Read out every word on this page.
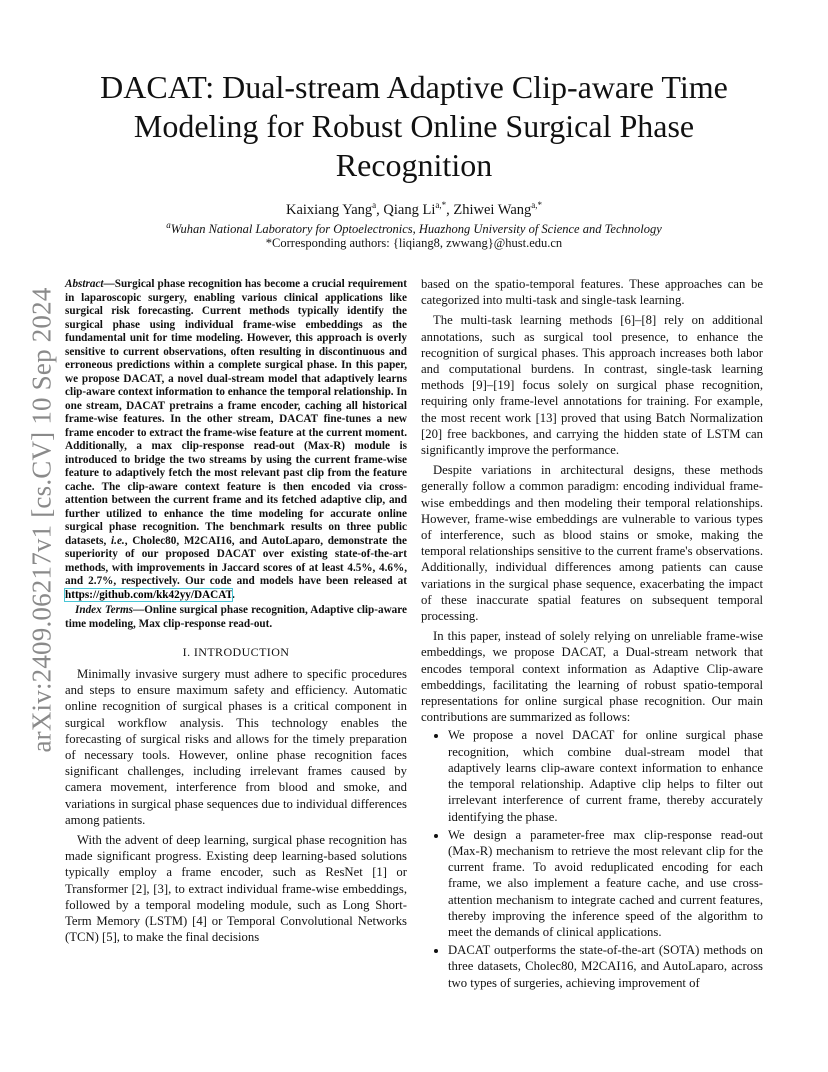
arXiv:2409.06217v1 [cs.CV] 10 Sep 2024
DACAT: Dual-stream Adaptive Clip-aware Time Modeling for Robust Online Surgical Phase Recognition
Kaixiang Yang$^a$, Qiang $Li^{a,*}$, Zhiwei Wang$^{a,*}$
$^a$Wuhan National Laboratory for Optoelectronics, Huazhong University of Science and Technology
*Corresponding authors: {liqiang8, zwwang}@hust.edu.cn

Abstract—Surgical phase recognition has become a crucial requirement in laparoscopic surgery, enabling various clinical applications like surgical risk forecasting. Current methods typically identify the surgical phase using individual frame-wise embeddings as the fundamental unit for time modeling. However, this approach is overly sensitive to current observations, often resulting in discontinuous and erroneous predictions within a complete surgical phase. In this paper, we propose DACAT, a novel dual-stream model that adaptively learns clip-aware context information to enhance the temporal relationship. In one stream, DACAT pretrains a frame encoder, caching all historical frame-wise features. In the other stream, DACAT fine-tunes a new frame encoder to extract the frame-wise feature at the current moment. Additionally, a max clip-response read-out (Max-R) module is introduced to bridge the two streams by using the current frame-wise feature to adaptively fetch the most relevant past clip from the feature cache. The clip-aware context feature is then encoded via cross-attention between the current frame and its fetched adaptive clip, and further utilized to enhance the time modeling for accurate online surgical phase recognition. The benchmark results on three public datasets, i.e., Cholec80, M2CAI16, and AutoLaparo, demonstrate the superiority of our proposed DACAT over existing state-of-the-art methods, with improvements in Jaccard scores of at least 4.5%, 4.6%, and 2.7%, respectively. Our code and models have been released at https://github.com/kk42yy/DACAT.

Index Terms—Online surgical phase recognition, Adaptive clip-aware time modeling, Max clip-response read-out.

I. INTRODUCTION

Minimally invasive surgery must adhere to specific procedures and steps to ensure maximum safety and efficiency. Automatic online recognition of surgical phases is a critical component in surgical workflow analysis. This technology enables the forecasting of surgical risks and allows for the timely preparation of necessary tools. However, online phase recognition faces significant challenges, including irrelevant frames caused by camera movement, interference from blood and smoke, and variations in surgical phase sequences due to individual differences among patients.

With the advent of deep learning, surgical phase recognition has made significant progress. Existing deep learning-based solutions typically employ a frame encoder, such as ResNet [1] or Transformer [2], [3], to extract individual frame-wise embeddings, followed by a temporal modeling module, such as Long Short-Term Memory (LSTM) [4] or Temporal Convolutional Networks (TCN) [5], to make the final decisions

based on the spatio-temporal features. These approaches can be categorized into multi-task and single-task learning.

The multi-task learning methods [6]–[8] rely on additional annotations, such as surgical tool presence, to enhance the recognition of surgical phases. This approach increases both labor and computational burdens. In contrast, single-task learning methods [9]–[19] focus solely on surgical phase recognition, requiring only frame-level annotations for training. For example, the most recent work [13] proved that using Batch Normalization [20] free backbones, and carrying the hidden state of LSTM can significantly improve the performance.

Despite variations in architectural designs, these methods generally follow a common paradigm: encoding individual frame-wise embeddings and then modeling their temporal relationships. However, frame-wise embeddings are vulnerable to various types of interference, such as blood stains or smoke, making the temporal relationships sensitive to the current frame's observations. Additionally, individual differences among patients can cause variations in the surgical phase sequence, exacerbating the impact of these inaccurate spatial features on subsequent temporal processing.

In this paper, instead of solely relying on unreliable frame-wise embeddings, we propose DACAT, a Dual-stream network that encodes temporal context information as Adaptive Clip-aware embeddings, facilitating the learning of robust spatio-temporal representations for online surgical phase recognition. Our main contributions are summarized as follows:

• We propose a novel DACAT for online surgical phase recognition, which combine dual-stream model that adaptively learns clip-aware context information to enhance the temporal relationship. Adaptive clip helps to filter out irrelevant interference of current frame, thereby accurately identifying the phase.
• We design a parameter-free max clip-response read-out (Max-R) mechanism to retrieve the most relevant clip for the current frame. To avoid reduplicated encoding for each frame, we also implement a feature cache, and use cross-attention mechanism to integrate cached and current features, thereby improving the inference speed of the algorithm to meet the demands of clinical applications.
• DACAT outperforms the state-of-the-art (SOTA) methods on three datasets, Cholec80, M2CAI16, and AutoLaparo, across two types of surgeries, achieving improvement of
